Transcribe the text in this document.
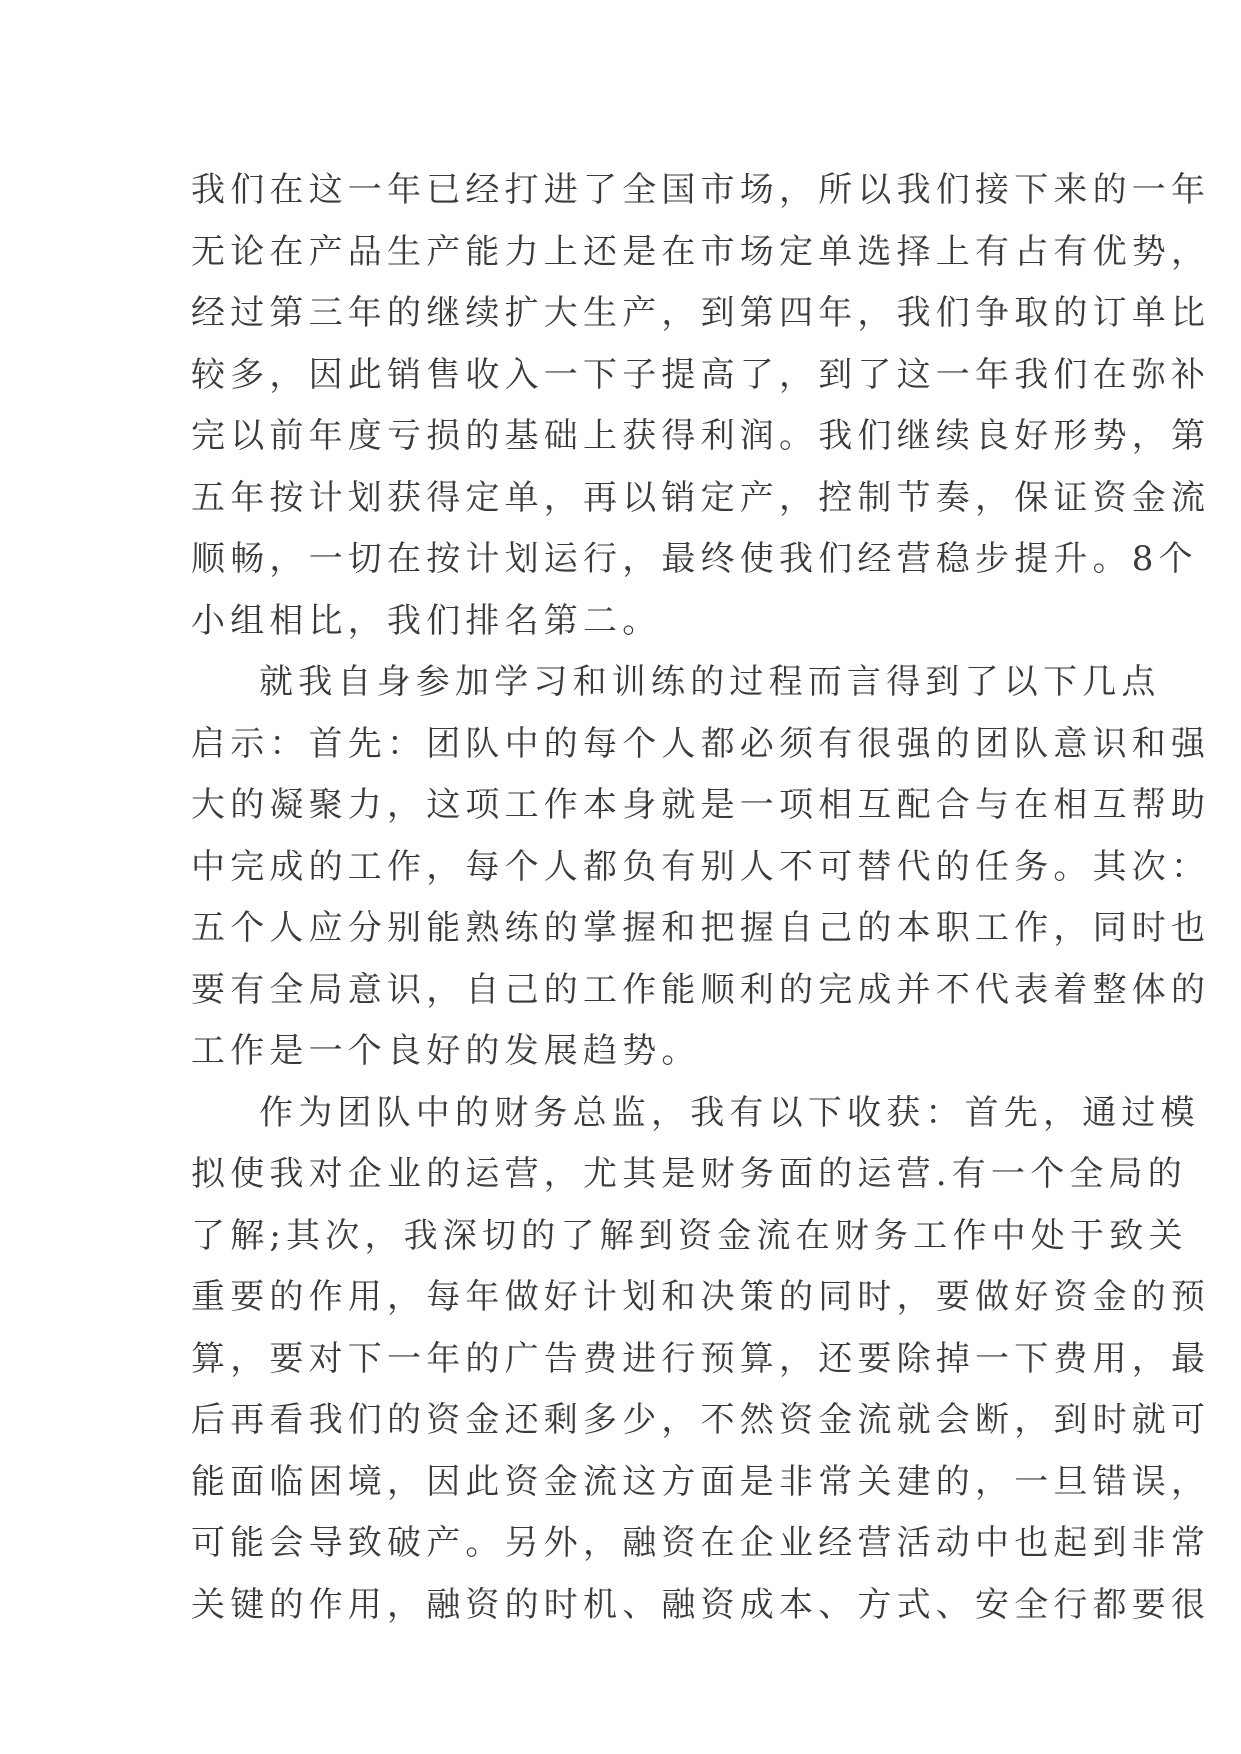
我们在这一年已经打进了全国市场，所以我们接下来的一年
无论在产品生产能力上还是在市场定单选择上有占有优势，
经过第三年的继续扩大生产，到第四年，我们争取的订单比
较多，因此销售收入一下子提高了，到了这一年我们在弥补
完以前年度亏损的基础上获得利润。我们继续良好形势，第
五年按计划获得定单，再以销定产，控制节奏，保证资金流
顺畅，一切在按计划运行，最终使我们经营稳步提升。8个
小组相比，我们排名第二。
就我自身参加学习和训练的过程而言得到了以下几点
启示：首先：团队中的每个人都必须有很强的团队意识和强
大的凝聚力，这项工作本身就是一项相互配合与在相互帮助
中完成的工作，每个人都负有别人不可替代的任务。其次：
五个人应分别能熟练的掌握和把握自己的本职工作，同时也
要有全局意识，自己的工作能顺利的完成并不代表着整体的
工作是一个良好的发展趋势。
作为团队中的财务总监，我有以下收获：首先，通过模
拟使我对企业的运营，尤其是财务面的运营.有一个全局的
了解;其次，我深切的了解到资金流在财务工作中处于致关
重要的作用，每年做好计划和决策的同时，要做好资金的预
算，要对下一年的广告费进行预算，还要除掉一下费用，最
后再看我们的资金还剩多少，不然资金流就会断，到时就可
能面临困境，因此资金流这方面是非常关建的，一旦错误，
可能会导致破产。另外，融资在企业经营活动中也起到非常
关键的作用，融资的时机、融资成本、方式、安全行都要很
